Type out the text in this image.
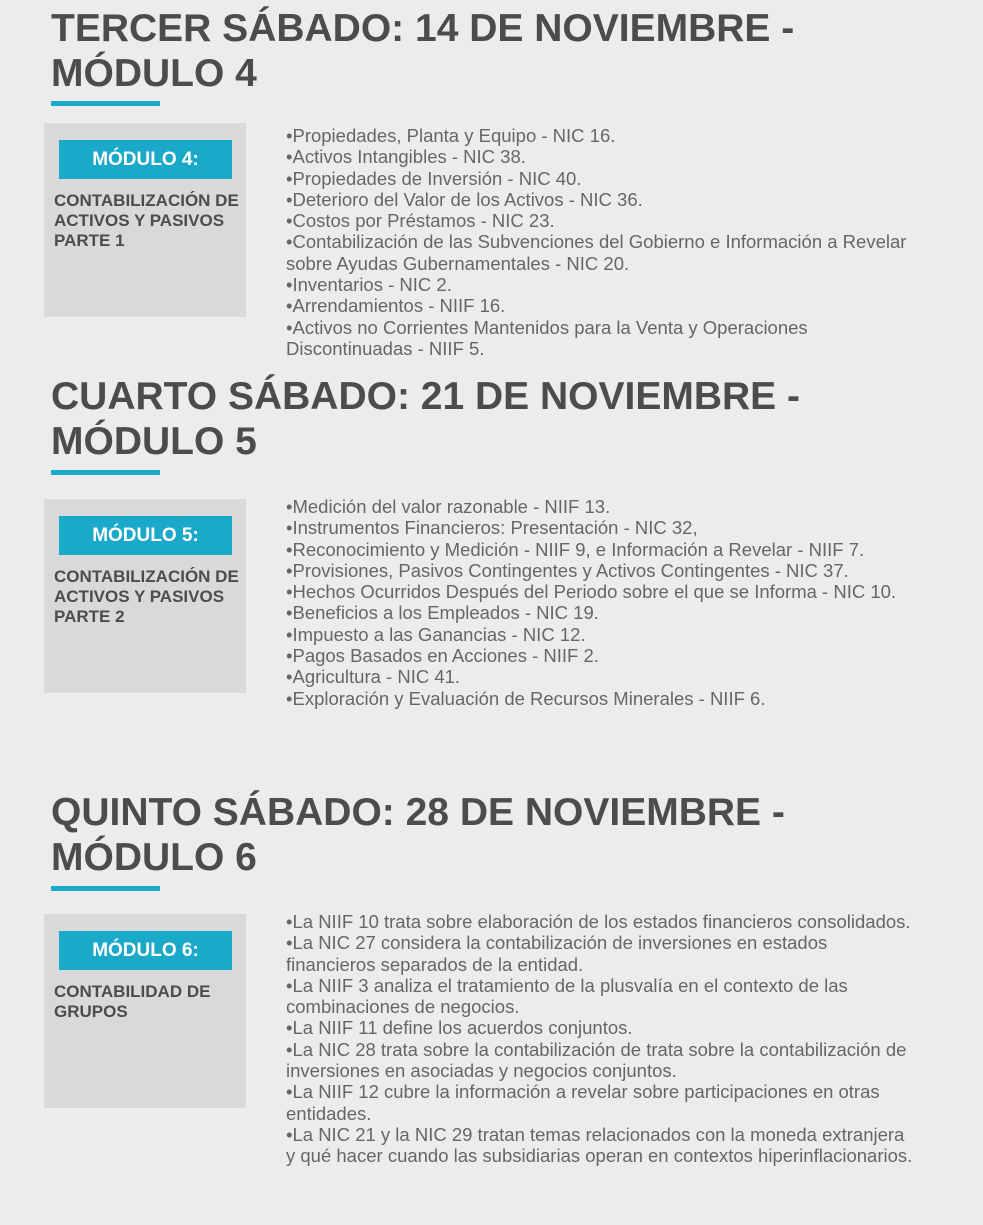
TERCER SÁBADO: 14 DE NOVIEMBRE -
MÓDULO 4
MÓDULO 4:
CONTABILIZACIÓN DE ACTIVOS Y PASIVOS PARTE 1
•Propiedades, Planta y Equipo - NIC 16.
•Activos Intangibles - NIC 38.
•Propiedades de Inversión - NIC 40.
•Deterioro del Valor de los Activos - NIC 36.
•Costos por Préstamos - NIC 23.
•Contabilización de las Subvenciones del Gobierno e Información a Revelar sobre Ayudas Gubernamentales - NIC 20.
•Inventarios - NIC 2.
•Arrendamientos - NIIF 16.
•Activos no Corrientes Mantenidos para la Venta y Operaciones Discontinuadas - NIIF 5.
CUARTO SÁBADO: 21 DE NOVIEMBRE -
MÓDULO 5
MÓDULO 5:
CONTABILIZACIÓN DE ACTIVOS Y PASIVOS PARTE 2
•Medición del valor razonable - NIIF 13.
•Instrumentos Financieros: Presentación - NIC 32,
•Reconocimiento y Medición - NIIF 9, e Información a Revelar - NIIF 7.
•Provisiones, Pasivos Contingentes y Activos Contingentes - NIC 37.
•Hechos Ocurridos Después del Periodo sobre el que se Informa - NIC 10.
•Beneficios a los Empleados - NIC 19.
•Impuesto a las Ganancias - NIC 12.
•Pagos Basados en Acciones - NIIF 2.
•Agricultura - NIC 41.
•Exploración y Evaluación de Recursos Minerales - NIIF 6.
QUINTO SÁBADO: 28 DE NOVIEMBRE -
MÓDULO 6
MÓDULO 6:
CONTABILIDAD DE GRUPOS
•La NIIF 10 trata sobre elaboración de los estados financieros consolidados.
•La NIC 27 considera la contabilización de inversiones en estados financieros separados de la entidad.
•La NIIF 3 analiza el tratamiento de la plusvalía en el contexto de las combinaciones de negocios.
•La NIIF 11 define los acuerdos conjuntos.
•La NIC 28 trata sobre la contabilización de trata sobre la contabilización de inversiones en asociadas y negocios conjuntos.
•La NIIF 12 cubre la información a revelar sobre participaciones en otras entidades.
•La NIC 21 y la NIC 29 tratan temas relacionados con la moneda extranjera y qué hacer cuando las subsidiarias operan en contextos hiperinflacionarios.
